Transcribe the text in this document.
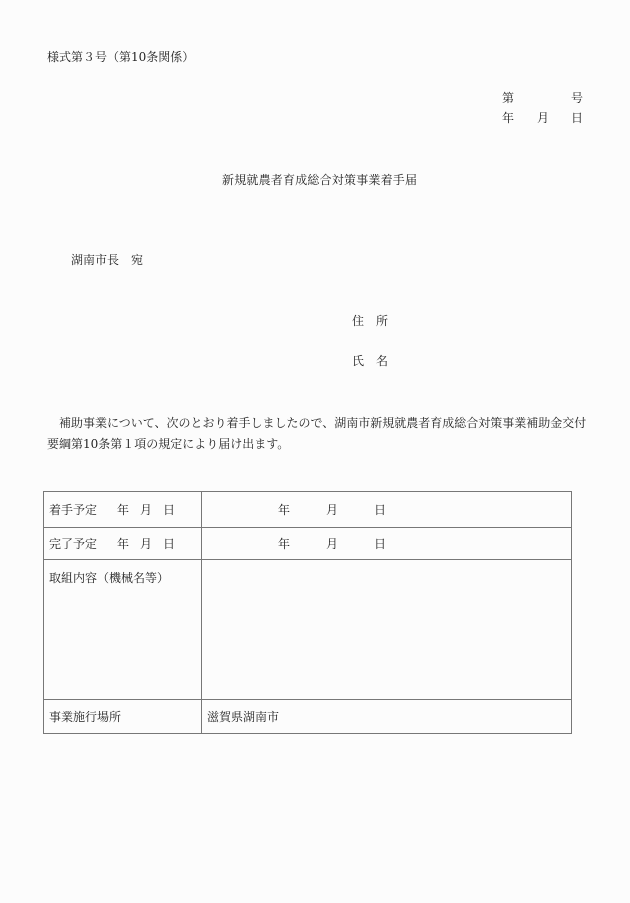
様式第３号（第10条関係）
第	号
年 月 日
新規就農者育成総合対策事業着手届
湖南市長　宛
住　所
氏　名
補助事業について、次のとおり着手しましたので、湖南市新規就農者育成総合対策事業補助金交付要綱第10条第１項の規定により届け出ます。
着手予定 年 月 日	年 月 日
完了予定 年 月 日	年 月 日
取組内容（機械名等）	
事業施行場所	滋賀県湖南市
